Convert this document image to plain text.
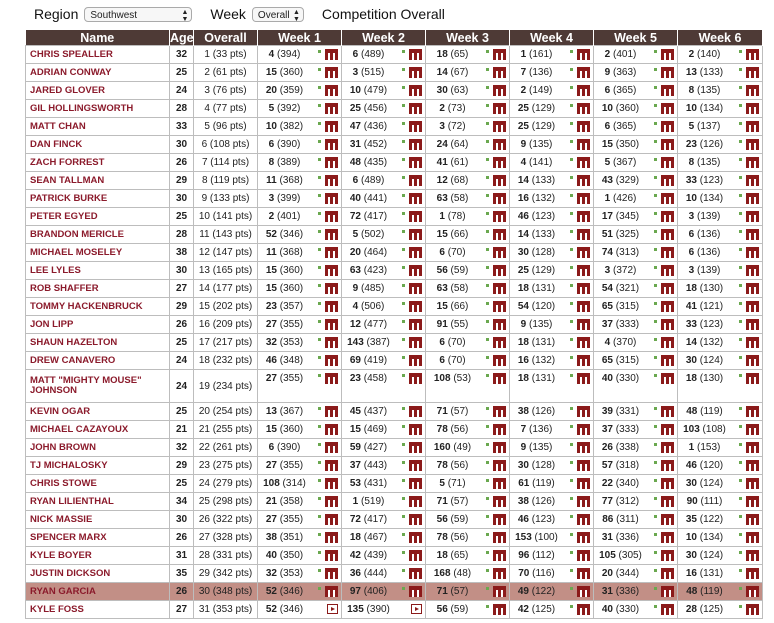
Region	Southwest	▲
▼ Week	Overall ▲
▼ Competition Overall
Name	Age	Overall	Week 1	Week 2	Week 3	Week 4	Week 5	Week 6
CHRIS SPEALLER	32	1 (33 pts)	4 (394)	6 (489)	18 (65)	1 (161)	2 (401)	2 (140)

ADRIAN CONWAY	25	2 (61 pts)	15 (360)	3 (515)	14 (67)	7 (136)	9 (363)	13 (133)

JARED GLOVER	24	3 (76 pts)	20 (359)	10 (479)	30 (63)	2 (149)	6 (365)	8 (135)

GIL HOLLINGSWORTH	28	4 (77 pts)	5 (392)	25 (456)	2 (73)	25 (129)	10 (360)	10 (134)

MATT CHAN	33	5 (96 pts)	10 (382)	47 (436)	3 (72)	25 (129)	6 (365)	5 (137)

DAN FINCK	30	6 (108 pts)	6 (390)	31 (452)	24 (64)	9 (135)	15 (350)	23 (126)

ZACH FORREST	26	7 (114 pts)	8 (389)	48 (435)	41 (61)	4 (141)	5 (367)	8 (135)

SEAN TALLMAN	29	8 (119 pts)	11 (368)	6 (489)	12 (68)	14 (133)	43 (329)	33 (123)

PATRICK BURKE	30	9 (133 pts)	3 (399)	40 (441)	63 (58)	16 (132)	1 (426)	10 (134)

PETER EGYED	25	10 (141 pts)	2 (401)	72 (417)	1 (78)	46 (123)	17 (345)	3 (139)

BRANDON MERICLE	28	11 (143 pts)	52 (346)	5 (502)	15 (66)	14 (133)	51 (325)	6 (136)

MICHAEL MOSELEY	38	12 (147 pts)	11 (368)	20 (464)	6 (70)	30 (128)	74 (313)	6 (136)

LEE LYLES	30	13 (165 pts)	15 (360)	63 (423)	56 (59)	25 (129)	3 (372)	3 (139)

ROB SHAFFER	27	14 (177 pts)	15 (360)	9 (485)	63 (58)	18 (131)	54 (321)	18 (130)

TOMMY HACKENBRUCK	29	15 (202 pts)	23 (357)	4 (506)	15 (66)	54 (120)	65 (315)	41 (121)

JON LIPP	26	16 (209 pts)	27 (355)	12 (477)	91 (55)	9 (135)	37 (333)	33 (123)

SHAUN HAZELTON	25	17 (217 pts)	32 (353)	143 (387)	6 (70)	18 (131)	4 (370)	14 (132)

DREW CANAVERO	24	18 (232 pts)	46 (348)	69 (419)	6 (70)	16 (132)	65 (315)	30 (124)

MATT "MIGHTY MOUSE" JOHNSON	24	19 (234 pts)	27 (355)	23 (458)	108 (53)	18 (131)	40 (330)	18 (130)

KEVIN OGAR	25	20 (254 pts)	13 (367)	45 (437)	71 (57)	38 (126)	39 (331)	48 (119)

MICHAEL CAZAYOUX	21	21 (255 pts)	15 (360)	15 (469)	78 (56)	7 (136)	37 (333)	103 (108)

JOHN BROWN	32	22 (261 pts)	6 (390)	59 (427)	160 (49)	9 (135)	26 (338)	1 (153)

TJ MICHALOSKY	29	23 (275 pts)	27 (355)	37 (443)	78 (56)	30 (128)	57 (318)	46 (120)

CHRIS STOWE	25	24 (279 pts)	108 (314)	53 (431)	5 (71)	61 (119)	22 (340)	30 (124)

RYAN LILIENTHAL	34	25 (298 pts)	21 (358)	1 (519)	71 (57)	38 (126)	77 (312)	90 (111)

NICK MASSIE	30	26 (322 pts)	27 (355)	72 (417)	56 (59)	46 (123)	86 (311)	35 (122)

SPENCER MARX	26	27 (328 pts)	38 (351)	18 (467)	78 (56)	153 (100)	31 (336)	10 (134)

KYLE BOYER	31	28 (331 pts)	40 (350)	42 (439)	18 (65)	96 (112)	105 (305)	30 (124)

JUSTIN DICKSON	35	29 (342 pts)	32 (353)	36 (444)	168 (48)	70 (116)	20 (344)	16 (131)

RYAN GARCIA	26	30 (348 pts)	52 (346)	97 (406)	71 (57)	49 (122)	31 (336)	48 (119)

KYLE FOSS	27	31 (353 pts)	52 (346)	135 (390)	56 (59)	42 (125)	40 (330)	28 (125)
